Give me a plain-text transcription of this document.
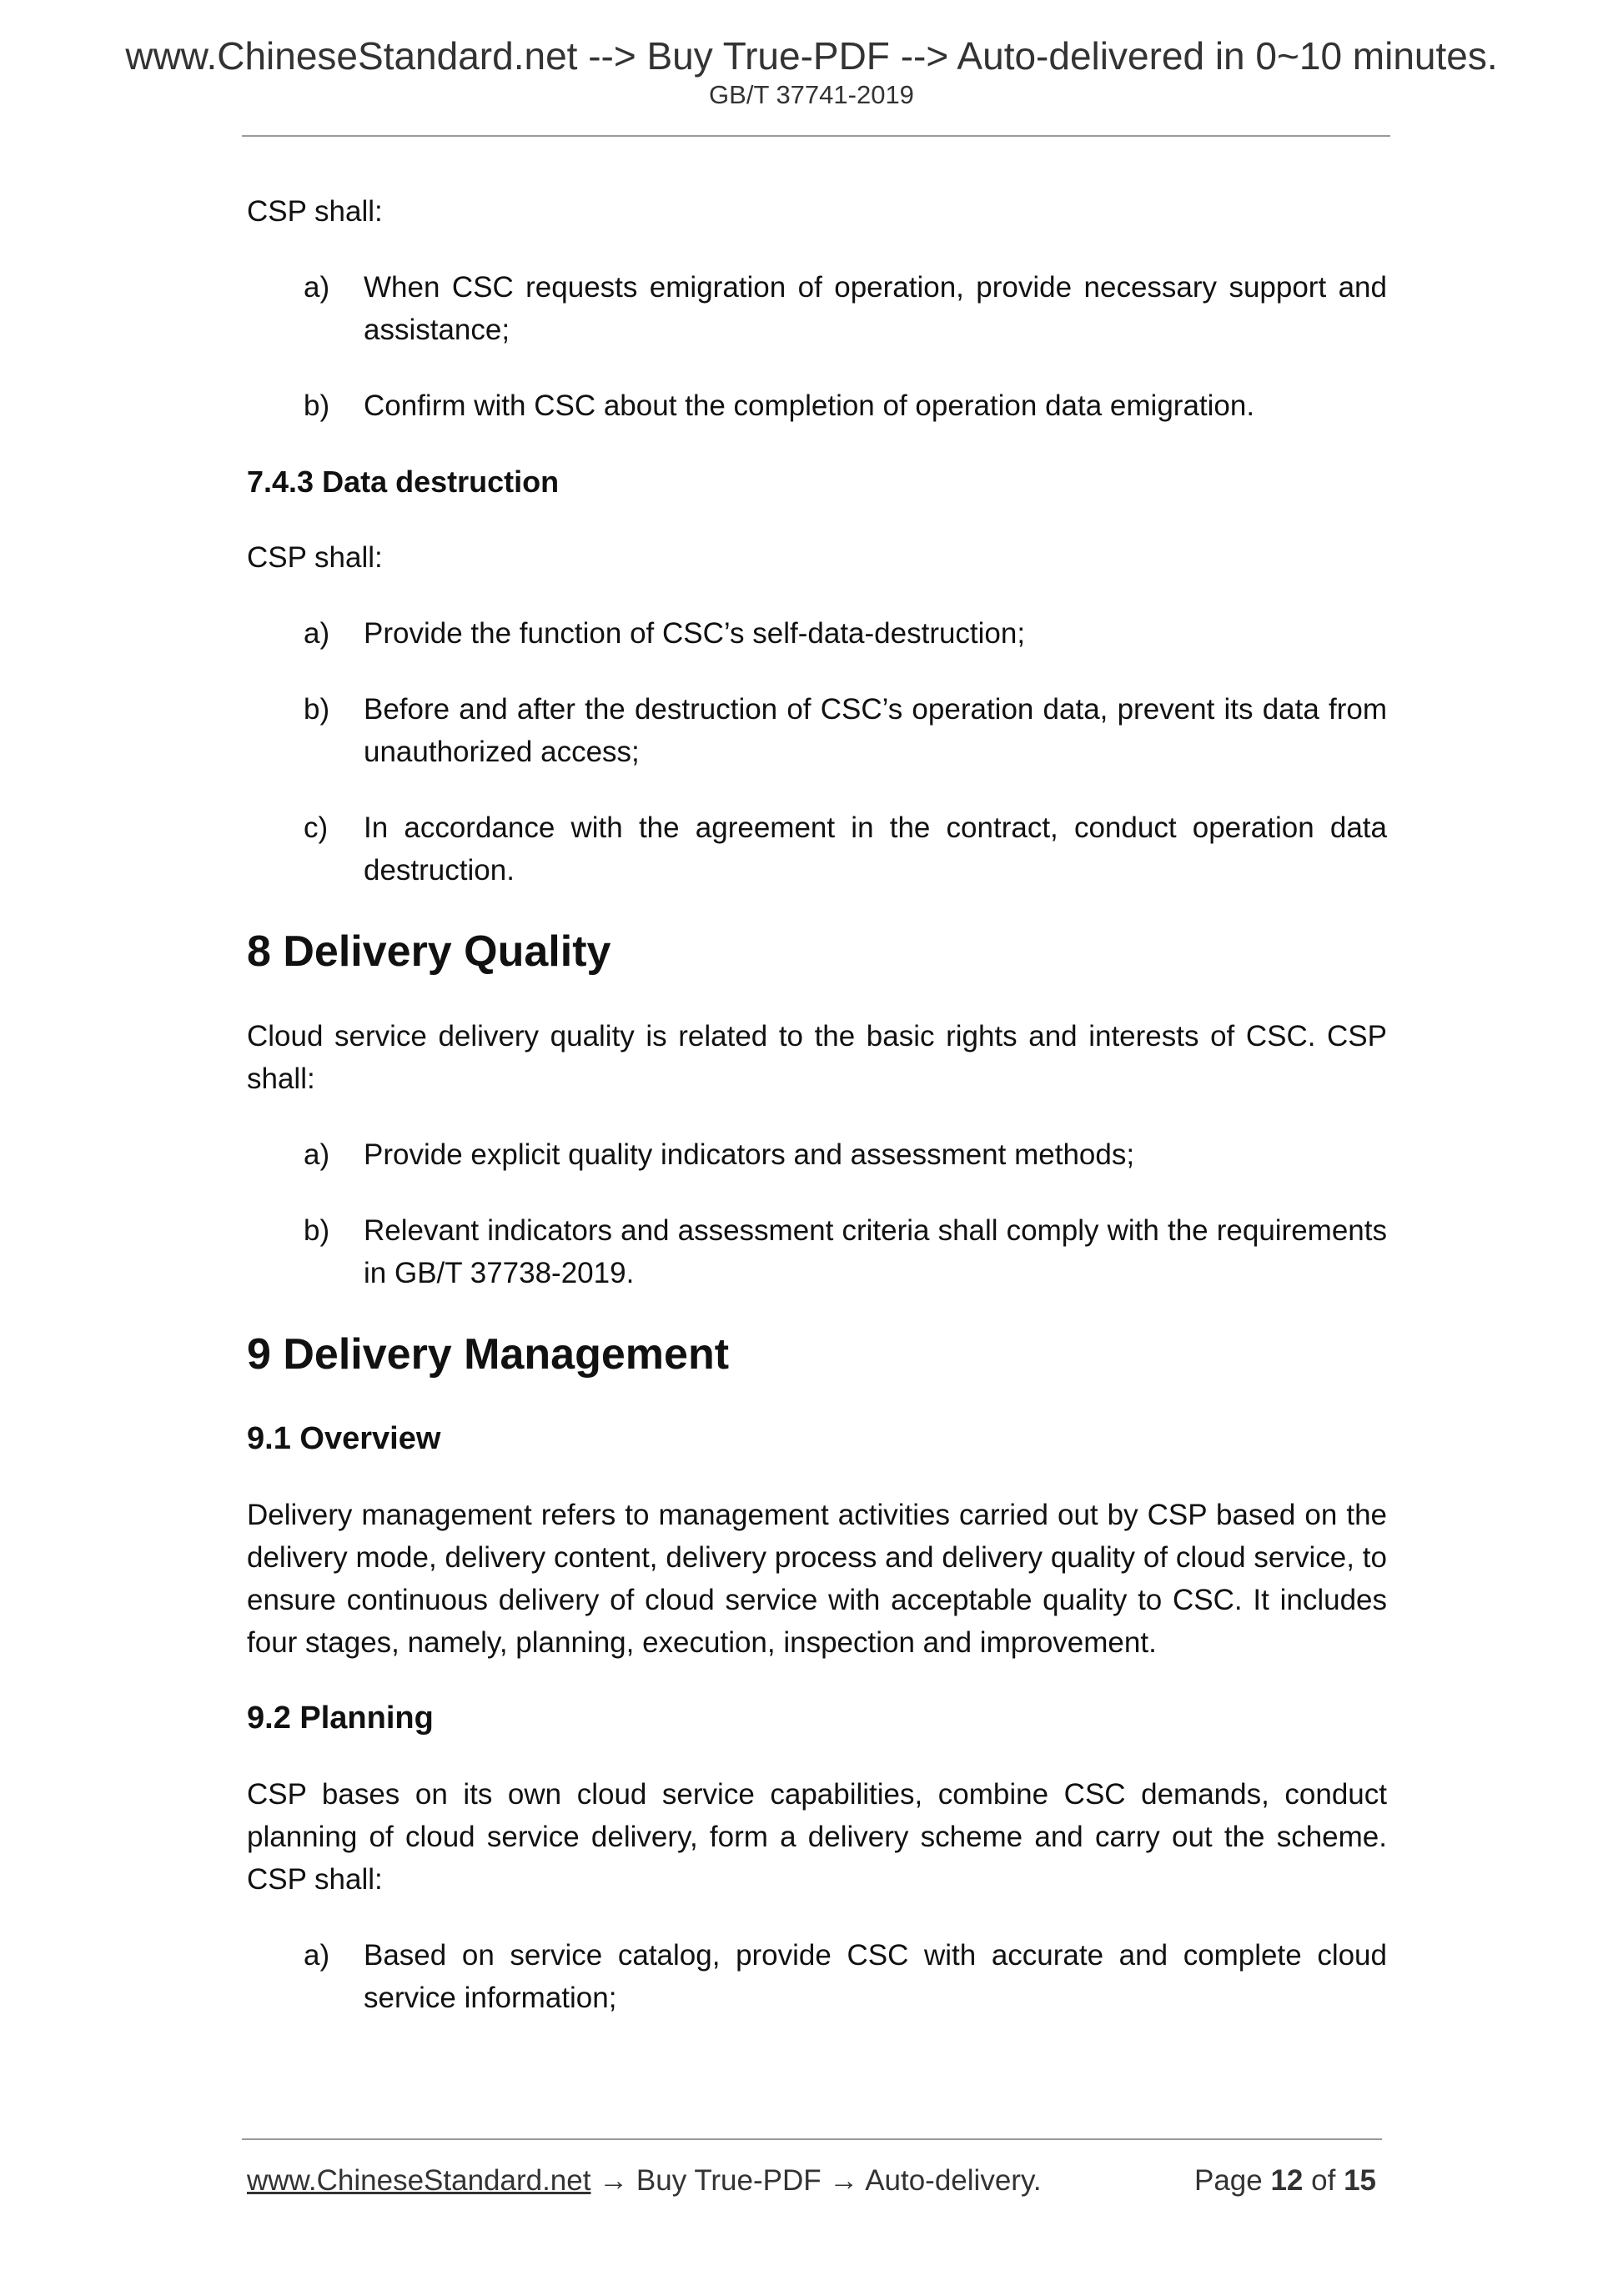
www.ChineseStandard.net --> Buy True-PDF --> Auto-delivered in 0~10 minutes.
GB/T 37741-2019
CSP shall:
a) When CSC requests emigration of operation, provide necessary support and assistance;
b) Confirm with CSC about the completion of operation data emigration.
7.4.3 Data destruction
CSP shall:
a) Provide the function of CSC’s self-data-destruction;
b) Before and after the destruction of CSC’s operation data, prevent its data from unauthorized access;
c) In accordance with the agreement in the contract, conduct operation data destruction.
8 Delivery Quality
Cloud service delivery quality is related to the basic rights and interests of CSC. CSP shall:
a) Provide explicit quality indicators and assessment methods;
b) Relevant indicators and assessment criteria shall comply with the requirements in GB/T 37738-2019.
9 Delivery Management
9.1 Overview
Delivery management refers to management activities carried out by CSP based on the delivery mode, delivery content, delivery process and delivery quality of cloud service, to ensure continuous delivery of cloud service with acceptable quality to CSC. It includes four stages, namely, planning, execution, inspection and improvement.
9.2 Planning
CSP bases on its own cloud service capabilities, combine CSC demands, conduct planning of cloud service delivery, form a delivery scheme and carry out the scheme. CSP shall:
a) Based on service catalog, provide CSC with accurate and complete cloud service information;
www.ChineseStandard.net → Buy True-PDF → Auto-delivery.	Page 12 of 15
